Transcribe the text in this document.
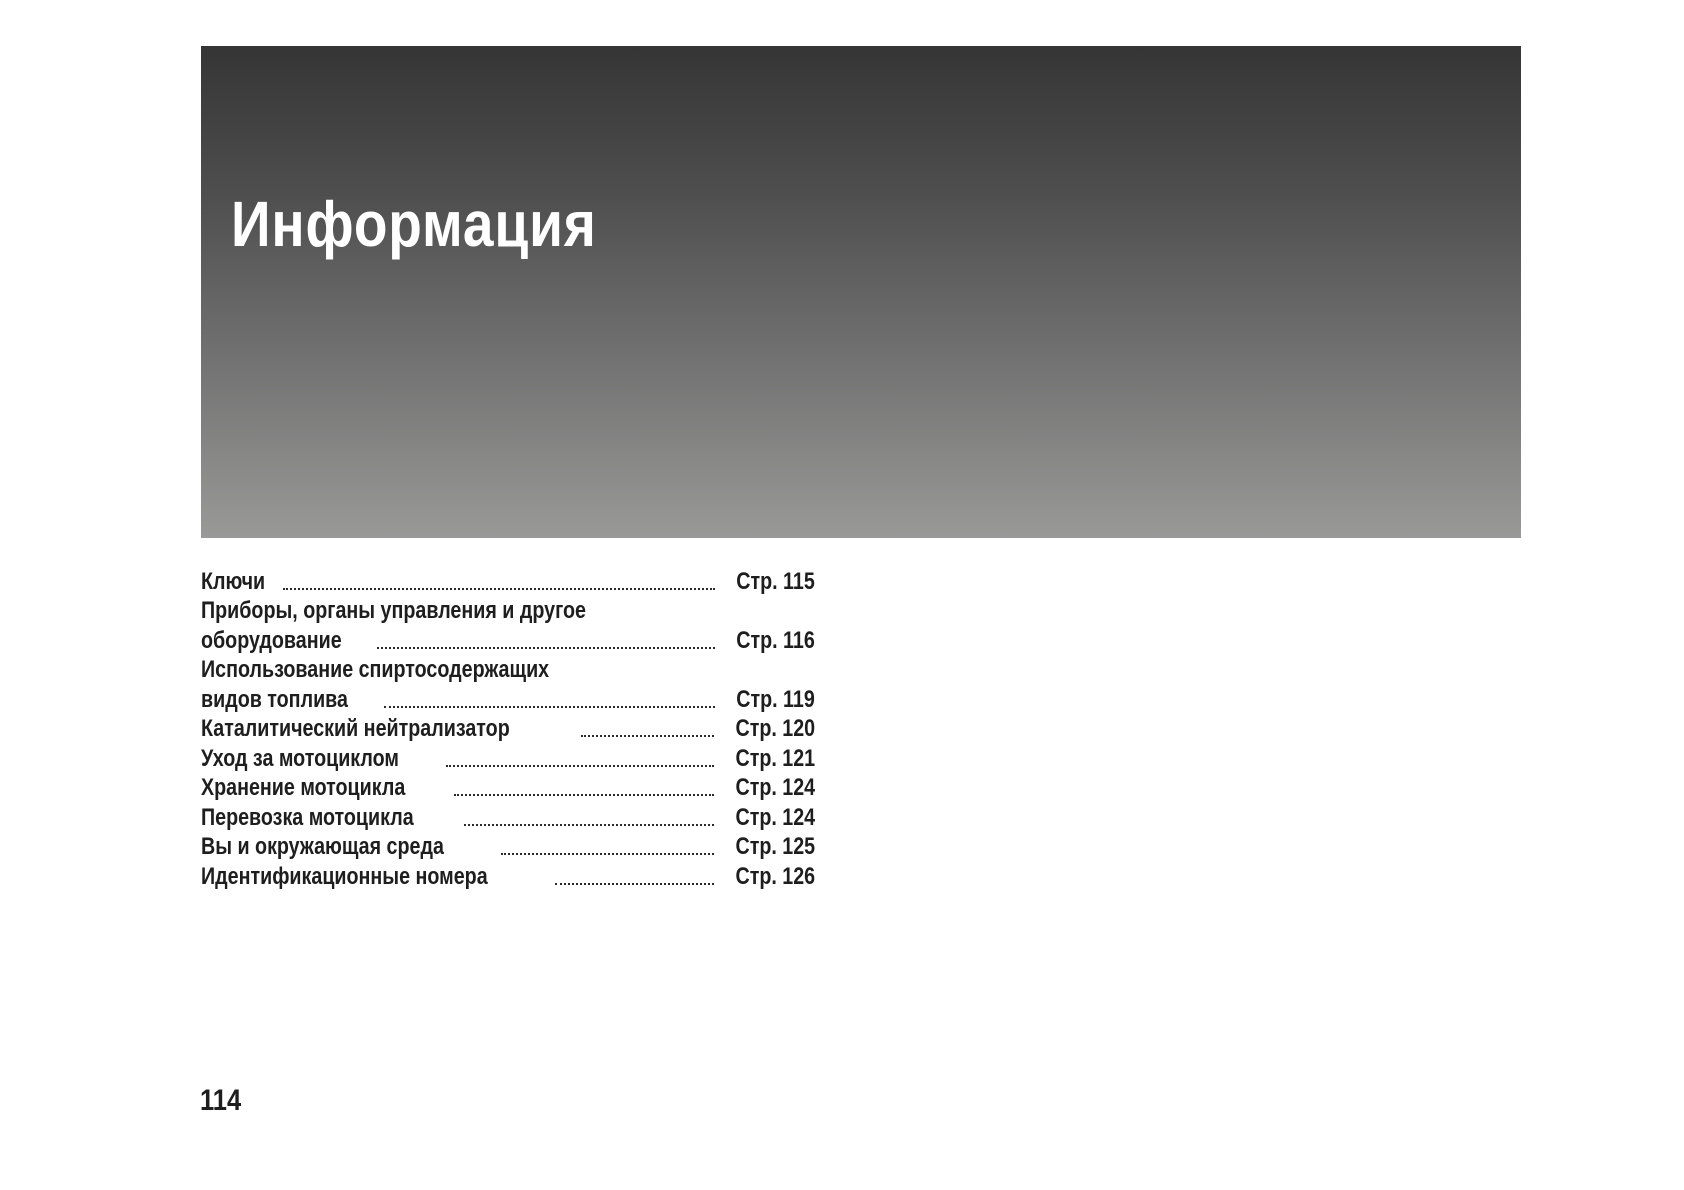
Информация
Ключи	Стр. 115
Приборы, органы управления и другое
оборудование	Стр. 116
Использование спиртосодержащих
видов топлива	Стр. 119
Каталитический нейтрализатор	Стр. 120
Уход за мотоциклом	Стр. 121
Хранение мотоцикла	Стр. 124
Перевозка мотоцикла	Стр. 124
Вы и окружающая среда	Стр. 125
Идентификационные номера	Стр. 126
114
